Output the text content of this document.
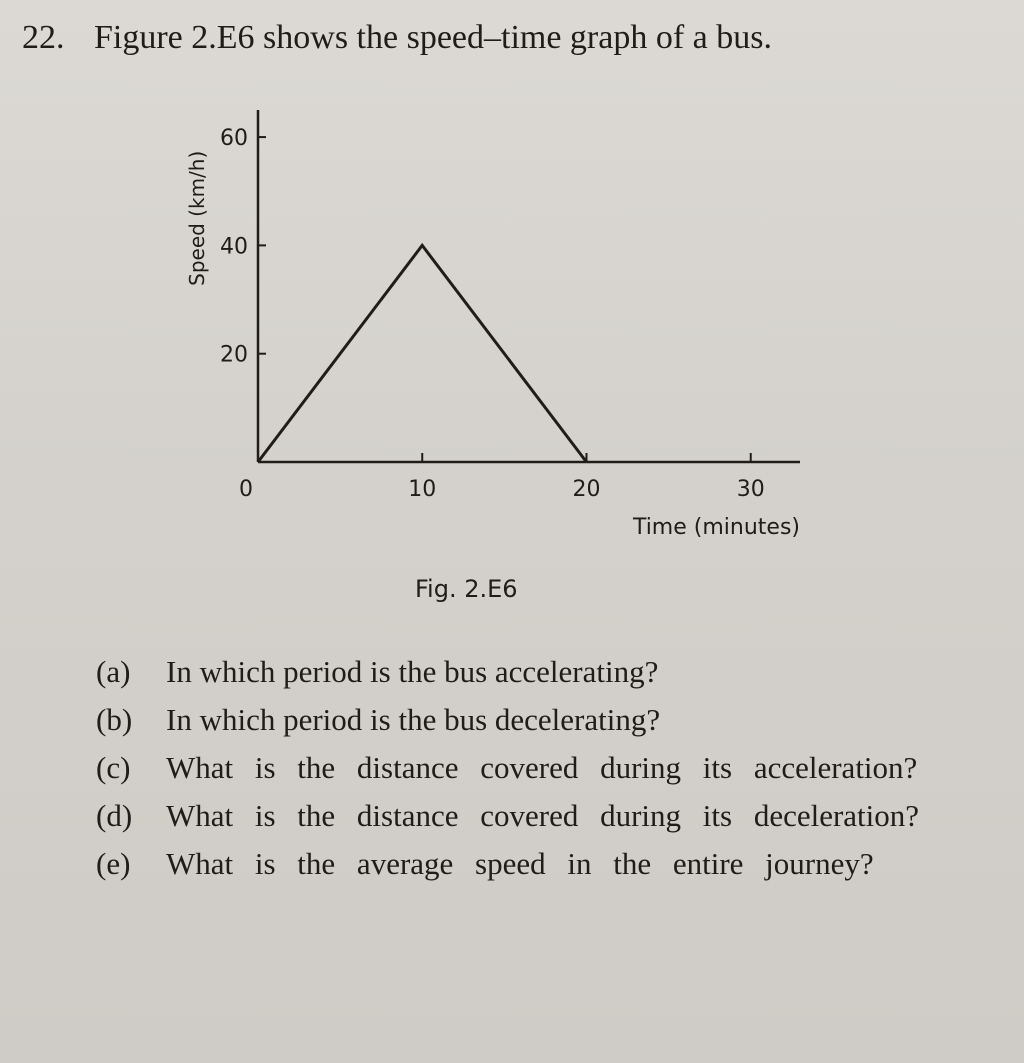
22. Figure 2.E6 shows the speed–time graph of a bus.
0	10	20	30
20
40
60
Speed (km/h)
Time (minutes)
Fig. 2.E6
(a)	In which period is the bus accelerating?
(b)	In which period is the bus decelerating?
(c)	What is the distance covered during its acceleration?
(d)	What is the distance covered during its deceleration?
(e)	What is the average speed in the entire journey?
